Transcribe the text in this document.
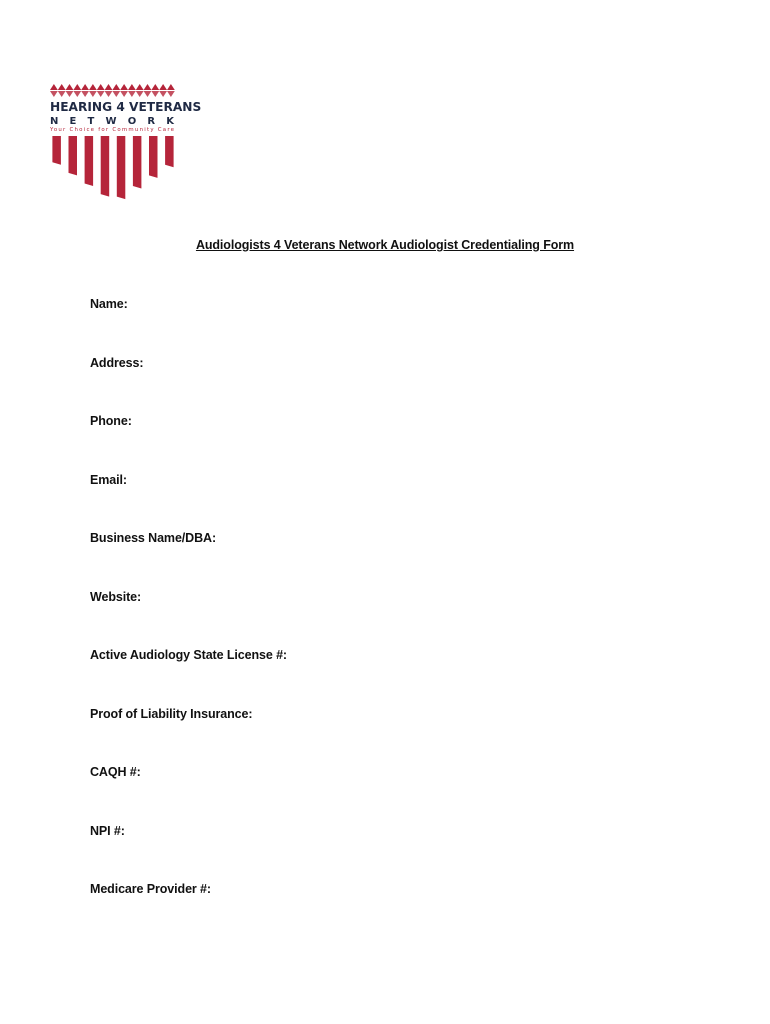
HEARING 4 VETERANS
N E T W O R K
Your Choice for Community Care
Audiologists 4 Veterans Network Audiologist Credentialing Form
Name:
Address:
Phone:
Email:
Business Name/DBA:
Website:
Active Audiology State License #:
Proof of Liability Insurance:
CAQH #:
NPI #:
Medicare Provider #:
